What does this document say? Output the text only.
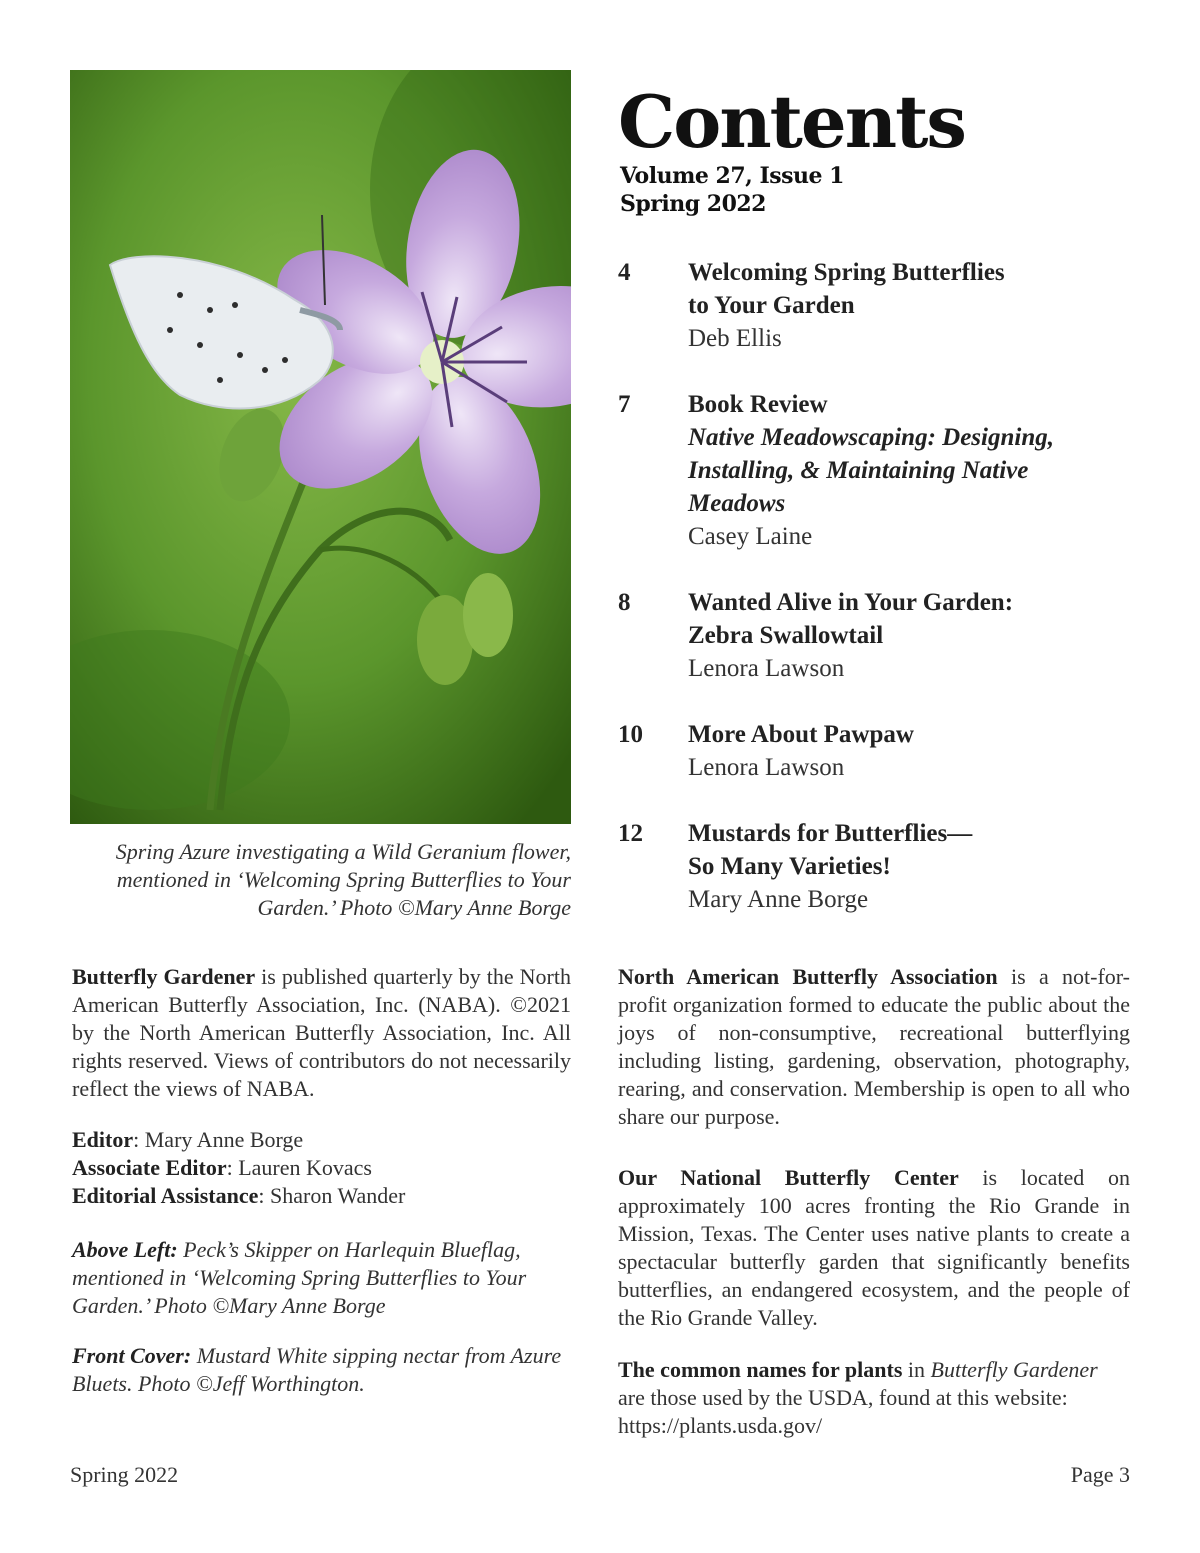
Spring Azure investigating a Wild Geranium flower, mentioned in ‘Welcoming Spring Butterflies to Your Garden.’ Photo ©Mary Anne Borge
Contents
Volume 27, Issue 1
Spring 2022
4 Welcoming Spring Butterflies
to Your Garden
Deb Ellis
7 Book Review
Native Meadowscaping: Designing,
Installing, & Maintaining Native
Meadows
Casey Laine
8 Wanted Alive in Your Garden:
Zebra Swallowtail
Lenora Lawson
10 More About Pawpaw
Lenora Lawson
12 Mustards for Butterflies—
So Many Varieties!
Mary Anne Borge

Butterfly Gardener is published quarterly by the North American Butterfly Association, Inc. (NABA). ©2021 by the North American Butterfly Association, Inc. All rights reserved. Views of contributors do not necessarily reflect the views of NABA.

Editor: Mary Anne Borge
Associate Editor: Lauren Kovacs
Editorial Assistance: Sharon Wander

Above Left: Peck’s Skipper on Harlequin Blueflag, mentioned in ‘Welcoming Spring Butterflies to Your Garden.’ Photo ©Mary Anne Borge

Front Cover: Mustard White sipping nectar from Azure Bluets. Photo ©Jeff Worthington.

North American Butterfly Association is a not-for-profit organization formed to educate the public about the joys of non-consumptive, recreational butterflying including listing, gardening, observation, photography, rearing, and conservation. Membership is open to all who share our purpose.

Our National Butterfly Center is located on approximately 100 acres fronting the Rio Grande in Mission, Texas. The Center uses native plants to create a spectacular butterfly garden that significantly benefits butterflies, an endangered ecosystem, and the people of the Rio Grande Valley.

The common names for plants in Butterfly Gardener are those used by the USDA, found at this website: https://plants.usda.gov/

Spring 2022	Page 3
